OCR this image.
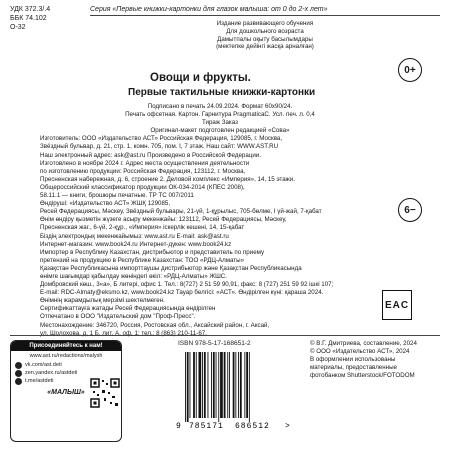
УДК 372.3/.4
ББК 74.102
О-32
Серия «Первые книжки-картонки для глазок малыша: от 0 до 2-х лет»
Издание развивающего обучения
Для дошкольного возраста
Дамытпалы оқыту басылымдары
(мектепке дейінгі жасқа арналған)
Овощи и фрукты.
Первые тактильные книжки-картонки
0+
6−
Подписано в печать 24.09.2024. Формат 60х90/24.
Печать офсетная. Картон. Гарнитура PragmaticaC. Усл. печ. л. 0,4
Тираж Заказ
Оригинал-макет подготовлен редакцией «Сова»
Изготовитель: ООО «Издательство АСТ» Российская Федерация, 129085, г. Москва,
Звёздный бульвар, д. 21, стр. 1, комн. 705, пом. I, 7 этаж. Наш сайт: WWW.AST.RU
Наш электронный адрес: ask@ast.ru Произведено в Российской Федерации.
Изготовлено в ноябре 2024 г. Адрес места осуществления деятельности
по изготовлению продукции: Российская Федерация, 123112, г. Москва,
Пресненская набережная, д. 6, строение 2. Деловой комплекс «Империя», 14, 15 этажи.
Общероссийский классификатор продукции ОК-034-2014 (КПЕС 2008),
58.11.1 — книги, брошюры печатные. ТР ТС 007/2011
Өндіруші: «Издательство АСТ» ЖШҚ 129085,
Ресей Федерациясы, Мәскеу, Звёздный бульвары, 21-үй, 1-құрылыс, 705-бөлме, I үй-жай, 7-қабат
Өнім өндіру қызметін жүзеге асыру мекенжайы: 123112, Ресей Федерациясы, Мәскеу,
Пресненская жаг., 6-үй, 2-құр., «Империя» іскерлік кешені, 14, 15-қабат
Біздің электрондық мекенжайымыз: www.ast.ru E-mail: ask@ast.ru
Интернет-магазин: www.book24.ru Интернет-дүкен: www.book24.kz
Импортер в Республику Казахстан, дистрибьютор и представитель по приему
претензий на продукцию в Республике Казахстан: ТОО «РДЦ-Алматы»
Қазақстан Республикасына импорттаушы дистрибьютор және Қазақстан Республикасында
өнімге шағымдар қабылдау жөніндегі өкіл: «РДЦ-Алматы» ЖШС.
Домбровский көш., 3«а», Б литері, офис 1. Тел.: 8(727) 2 51 59 90,91, факс: 8 (727) 251 59 92 ішкі 107;
E-mail: RDC-Almaty@eksmo.kz, www.book24.kz Тауар белгісі: «АСТ». Өндірілген күні: қараша 2024.
Өнімнің жарамдылық мерзімі шектелмеген.
Сертификаттауға жатады Ресей Федерациясында өндірілген
Отпечатано в ООО "Издательский дом "Проф-Пресс".
Местонахождение: 346720, Россия, Ростовская обл., Аксайский район, г. Аксай,
ул. Шолохова, д. 1 Б, лит. А, оф. 1; тел.: 8 (863) 210-11-67.
EAC
Присоединяйтесь к нам!
www.ast.ru/redactions/malysh
vk.com/ast.deti
zen.yandex.ru/astdeti
t.me/astdeti
«МАЛЫШ»
ISBN 978-5-17-168651-2
9 785171 686512 >
© В.Г. Дмитриева, составление, 2024
© ООО «Издательство АСТ», 2024
В оформлении использованы
материалы, предоставленные
фотобанком Shutterstock/FOTODOM
